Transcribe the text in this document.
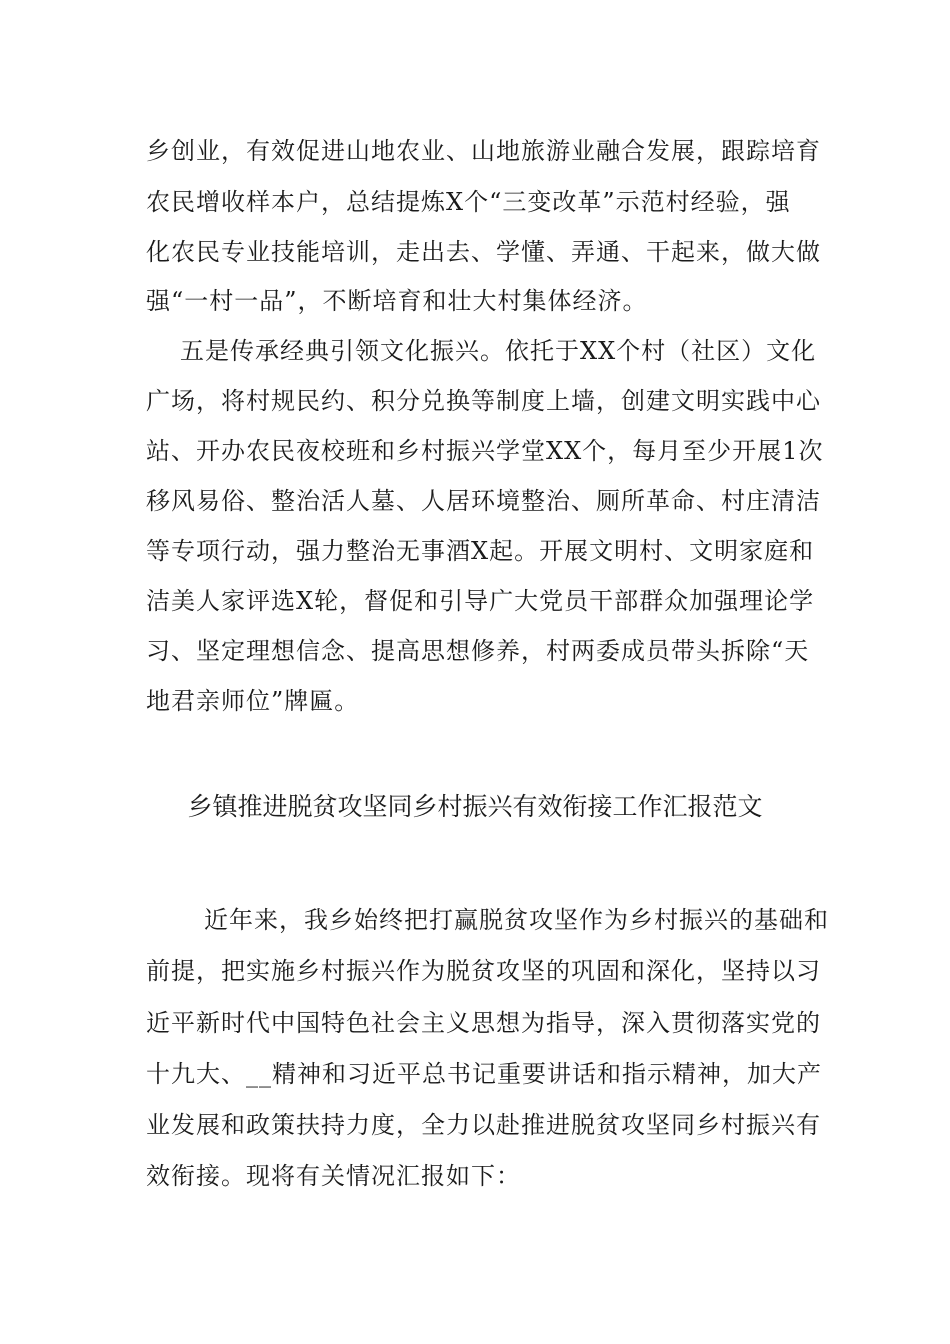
乡创业，有效促进山地农业、山地旅游业融合发展，跟踪培育
农民增收样本户，总结提炼X个“三变改革”示范村经验，强
化农民专业技能培训，走出去、学懂、弄通、干起来，做大做
强“一村一品”，不断培育和壮大村集体经济。
五是传承经典引领文化振兴。依托于XX个村（社区）文化
广场，将村规民约、积分兑换等制度上墙，创建文明实践中心
站、开办农民夜校班和乡村振兴学堂XX个，每月至少开展1次
移风易俗、整治活人墓、人居环境整治、厕所革命、村庄清洁
等专项行动，强力整治无事酒X起。开展文明村、文明家庭和
洁美人家评选X轮，督促和引导广大党员干部群众加强理论学
习、坚定理想信念、提高思想修养，村两委成员带头拆除“天
地君亲师位”牌匾。
乡镇推进脱贫攻坚同乡村振兴有效衔接工作汇报范文
近年来，我乡始终把打赢脱贫攻坚作为乡村振兴的基础和
前提，把实施乡村振兴作为脱贫攻坚的巩固和深化，坚持以习
近平新时代中国特色社会主义思想为指导，深入贯彻落实党的
十九大、__精神和习近平总书记重要讲话和指示精神，加大产
业发展和政策扶持力度，全力以赴推进脱贫攻坚同乡村振兴有
效衔接。现将有关情况汇报如下：
